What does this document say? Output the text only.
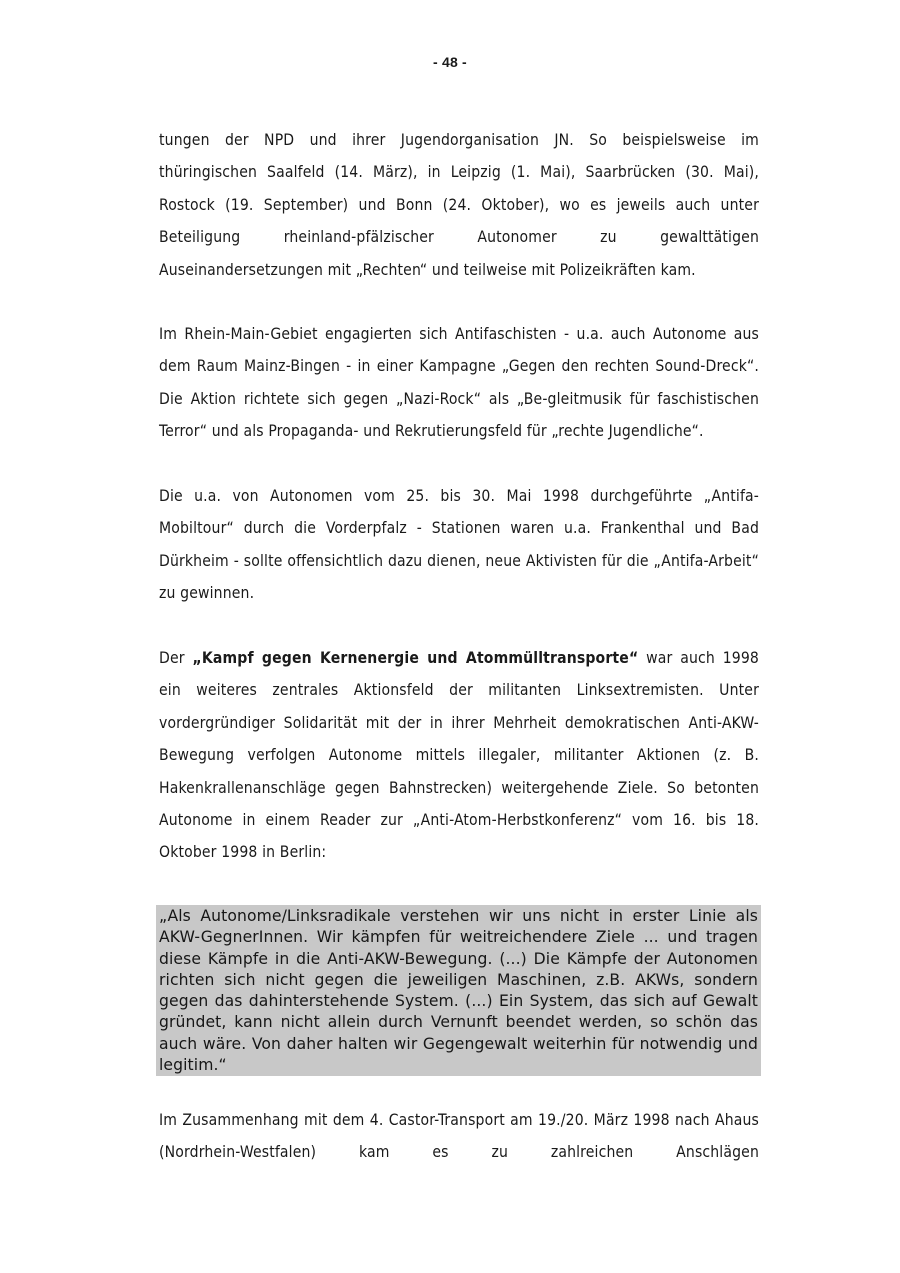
- 48 -

tungen der NPD und ihrer Jugendorganisation JN. So beispielsweise im thüringischen Saalfeld (14. März), in Leipzig (1. Mai), Saarbrücken (30. Mai), Rostock (19. September) und Bonn (24. Oktober), wo es jeweils auch unter Beteiligung rheinland-pfälzischer Autonomer zu gewalttätigen Auseinandersetzungen mit „Rechten“ und teilweise mit Polizeikräften kam.

Im Rhein-Main-Gebiet engagierten sich Antifaschisten - u.a. auch Autonome aus dem Raum Mainz-Bingen - in einer Kampagne „Gegen den rechten Sound-Dreck“. Die Aktion richtete sich gegen „Nazi-Rock“ als „Be-gleitmusik für faschistischen Terror“ und als Propaganda- und Rekrutierungsfeld für „rechte Jugendliche“.

Die u.a. von Autonomen vom 25. bis 30. Mai 1998 durchgeführte „Antifa-Mobiltour“ durch die Vorderpfalz - Stationen waren u.a. Frankenthal und Bad Dürkheim - sollte offensichtlich dazu dienen, neue Aktivisten für die „Antifa-Arbeit“ zu gewinnen.

Der „Kampf gegen Kernenergie und Atommülltransporte“ war auch 1998 ein weiteres zentrales Aktionsfeld der militanten Linksextremisten. Unter vordergründiger Solidarität mit der in ihrer Mehrheit demokratischen Anti-AKW-Bewegung verfolgen Autonome mittels illegaler, militanter Aktionen (z. B. Hakenkrallenanschläge gegen Bahnstrecken) weitergehende Ziele. So betonten Autonome in einem Reader zur „Anti-Atom-Herbstkonferenz“ vom 16. bis 18. Oktober 1998 in Berlin:

„Als Autonome/Linksradikale verstehen wir uns nicht in erster Linie als AKW-GegnerInnen. Wir kämpfen für weitreichendere Ziele ... und tragen diese Kämpfe in die Anti-AKW-Bewegung. (...) Die Kämpfe der Autonomen richten sich nicht gegen die jeweiligen Maschinen, z.B. AKWs, sondern gegen das dahinterstehende System. (...) Ein System, das sich auf Gewalt gründet, kann nicht allein durch Vernunft beendet werden, so schön das auch wäre. Von daher halten wir Gegengewalt weiterhin für notwendig und legitim.“

Im Zusammenhang mit dem 4. Castor-Transport am 19./20. März 1998 nach Ahaus (Nordrhein-Westfalen) kam es zu zahlreichen Anschlägen
